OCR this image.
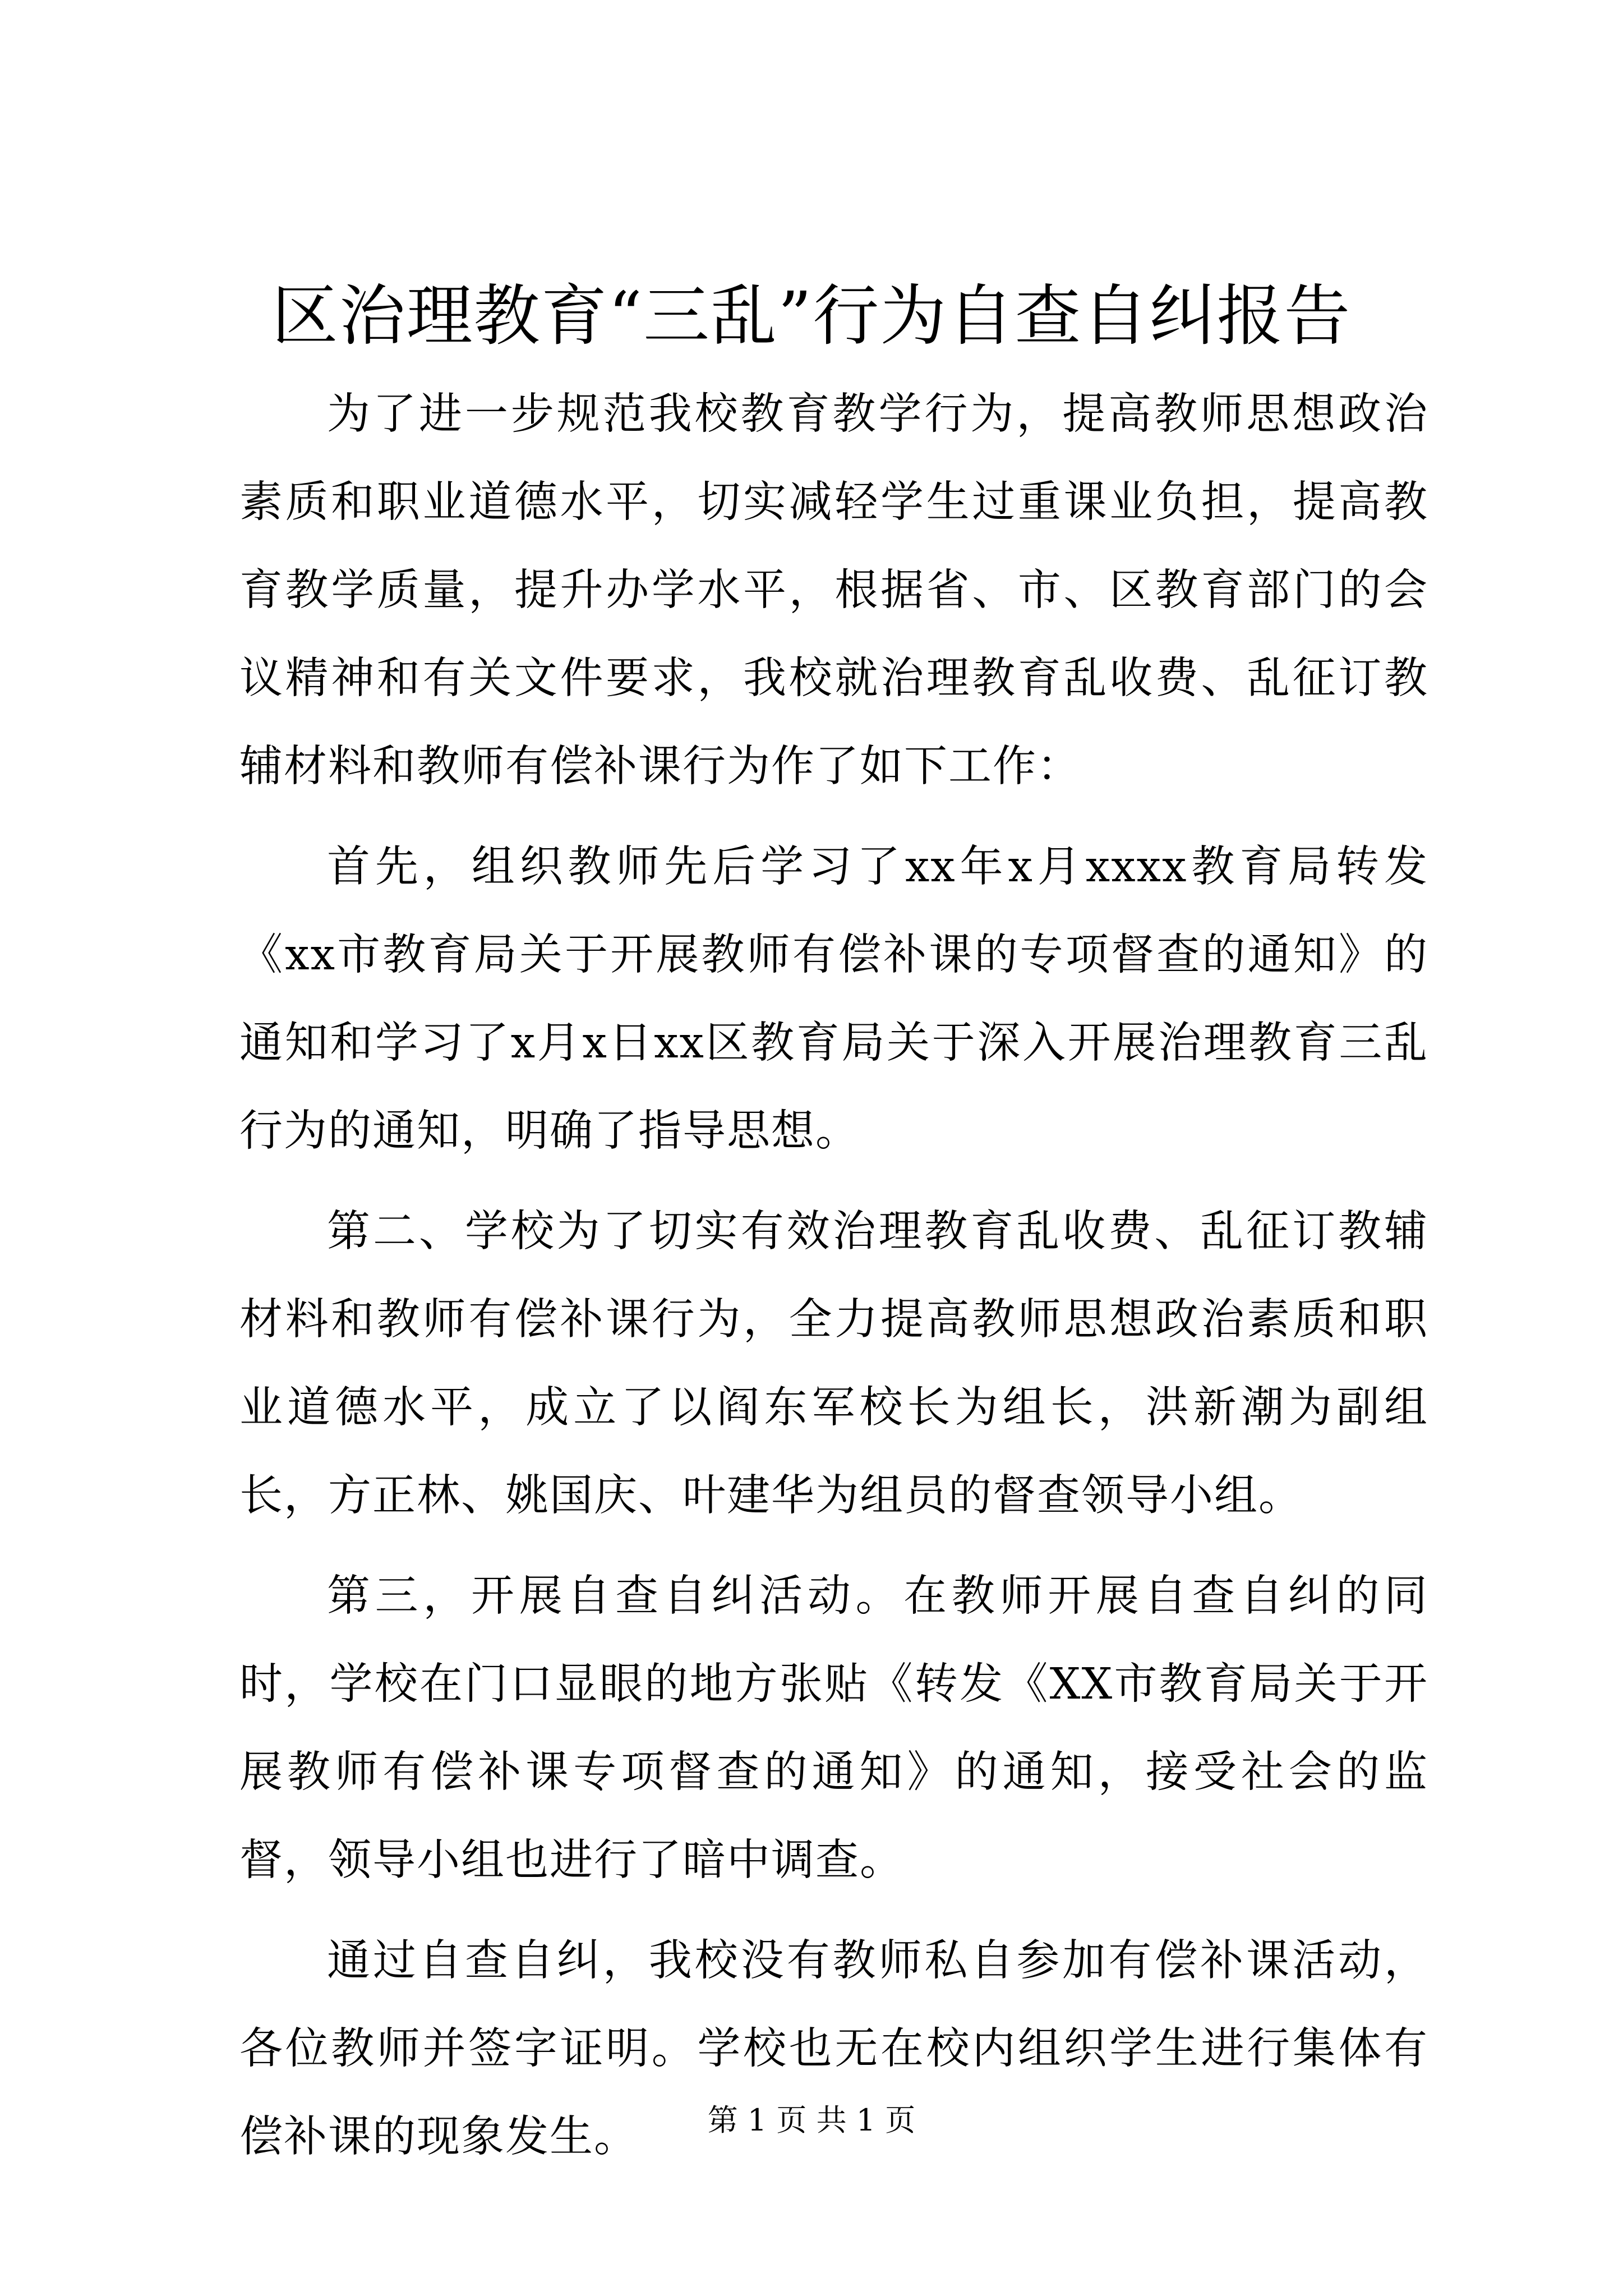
区治理教育“三乱”行为自查自纠报告

为了进一步规范我校教育教学行为，提高教师思想政治素质和职业道德水平，切实减轻学生过重课业负担，提高教育教学质量，提升办学水平，根据省、市、区教育部门的会议精神和有关文件要求，我校就治理教育乱收费、乱征订教辅材料和教师有偿补课行为作了如下工作：

首先，组织教师先后学习了xx年x月xxxx教育局转发《xx市教育局关于开展教师有偿补课的专项督查的通知》的通知和学习了x月x日xx区教育局关于深入开展治理教育三乱行为的通知，明确了指导思想。

第二、学校为了切实有效治理教育乱收费、乱征订教辅材料和教师有偿补课行为，全力提高教师思想政治素质和职业道德水平，成立了以阎东军校长为组长，洪新潮为副组长，方正林、姚国庆、叶建华为组员的督查领导小组。

第三，开展自查自纠活动。在教师开展自查自纠的同时，学校在门口显眼的地方张贴《转发《XX市教育局关于开展教师有偿补课专项督查的通知》的通知，接受社会的监督，领导小组也进行了暗中调查。

通过自查自纠，我校没有教师私自参加有偿补课活动，各位教师并签字证明。学校也无在校内组织学生进行集体有偿补课的现象发生。	第 1 页 共 1 页
